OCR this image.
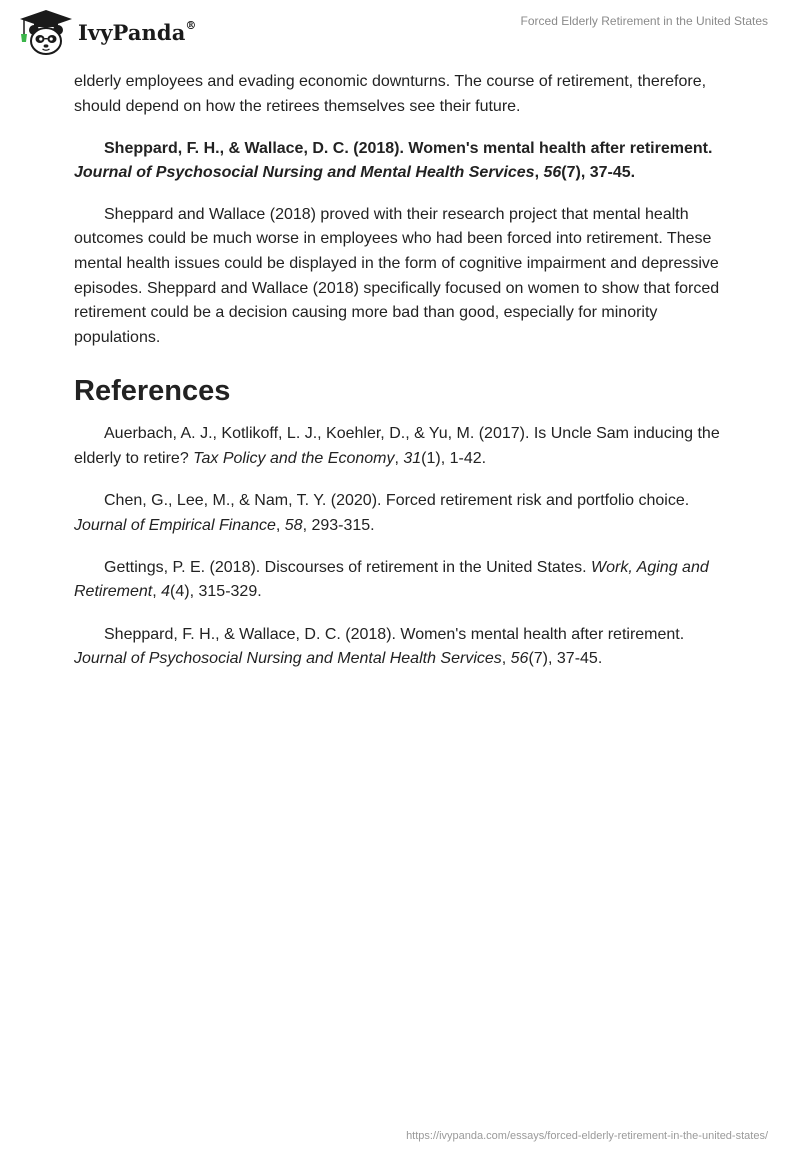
IvyPanda®	Forced Elderly Retirement in the United States

elderly employees and evading economic downturns. The course of retirement, therefore, should depend on how the retirees themselves see their future.

Sheppard, F. H., & Wallace, D. C. (2018). Women's mental health after retirement. Journal of Psychosocial Nursing and Mental Health Services, 56(7), 37-45.

Sheppard and Wallace (2018) proved with their research project that mental health outcomes could be much worse in employees who had been forced into retirement. These mental health issues could be displayed in the form of cognitive impairment and depressive episodes. Sheppard and Wallace (2018) specifically focused on women to show that forced retirement could be a decision causing more bad than good, especially for minority populations.

References

Auerbach, A. J., Kotlikoff, L. J., Koehler, D., & Yu, M. (2017). Is Uncle Sam inducing the elderly to retire? Tax Policy and the Economy, 31(1), 1-42.

Chen, G., Lee, M., & Nam, T. Y. (2020). Forced retirement risk and portfolio choice. Journal of Empirical Finance, 58, 293-315.

Gettings, P. E. (2018). Discourses of retirement in the United States. Work, Aging and Retirement, 4(4), 315-329.

Sheppard, F. H., & Wallace, D. C. (2018). Women's mental health after retirement. Journal of Psychosocial Nursing and Mental Health Services, 56(7), 37-45.

https://ivypanda.com/essays/forced-elderly-retirement-in-the-united-states/
